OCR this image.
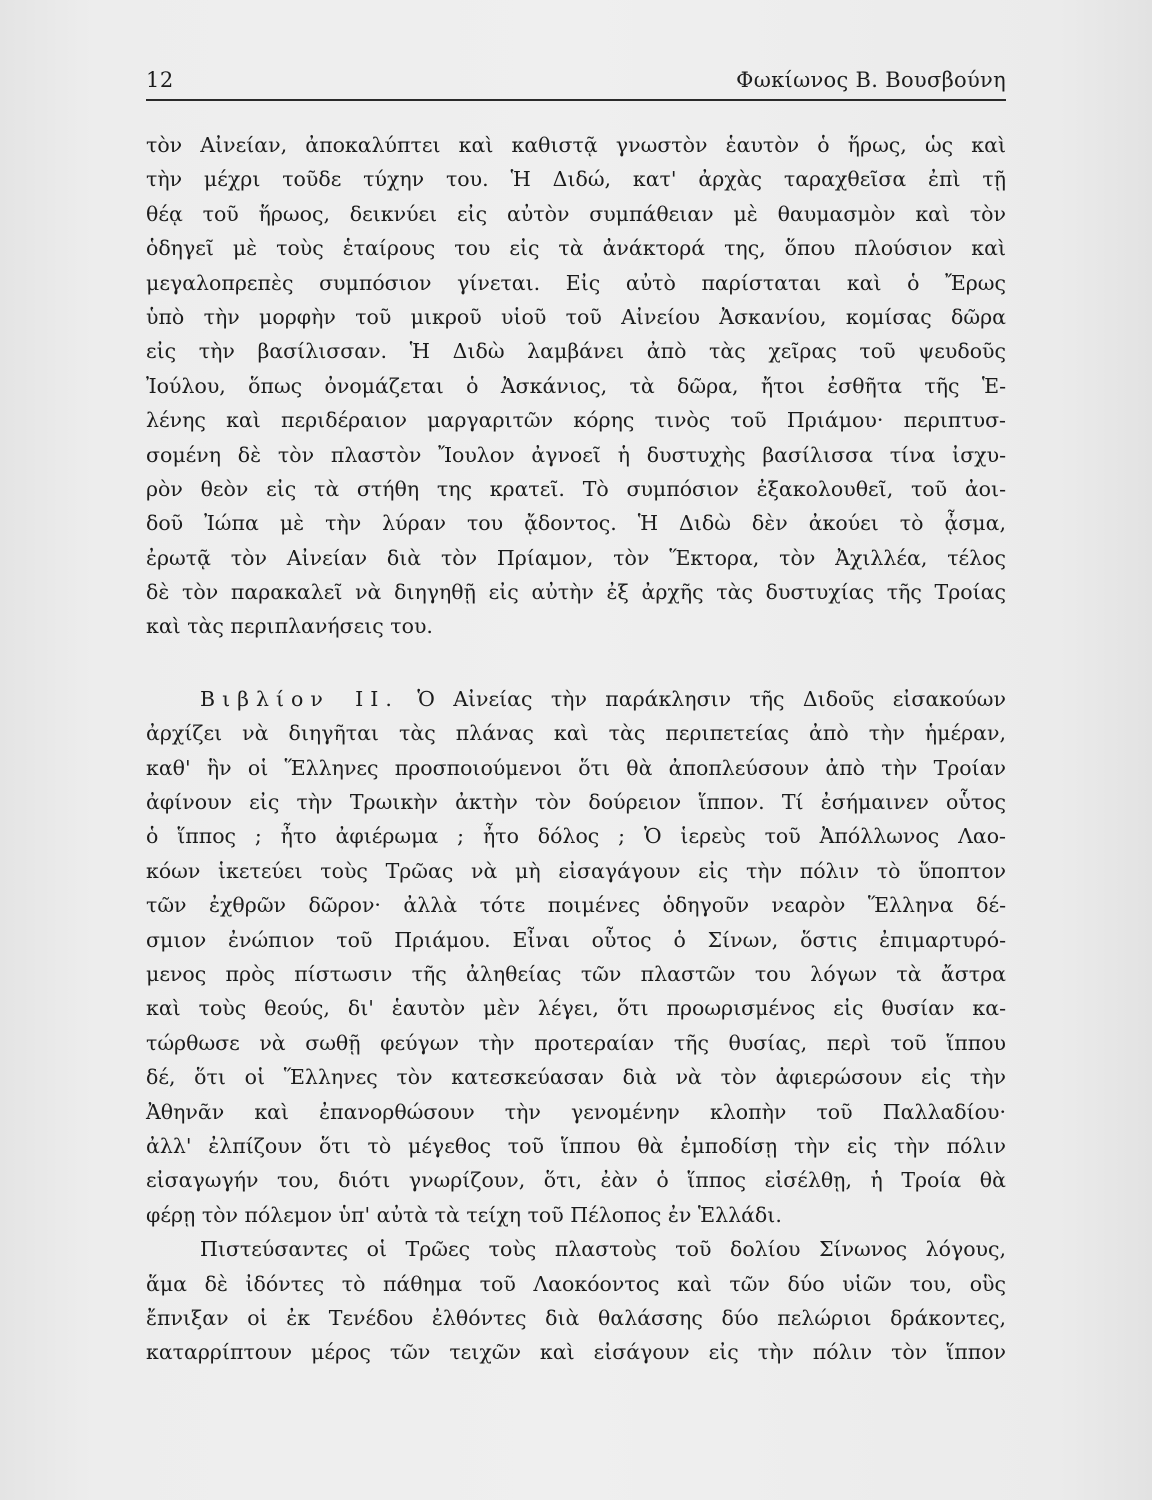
12	Φωκίωνος Β. Βουσβούνη
τὸν Αἰνείαν, ἀποκαλύπτει καὶ καθιστᾷ γνωστὸν ἑαυτὸν ὁ ἥρως, ὡς καὶ
τὴν μέχρι τοῦδε τύχην του. Ἡ Διδώ, κατ' ἀρχὰς ταραχθεῖσα ἐπὶ τῇ
θέᾳ τοῦ ἥρωος, δεικνύει εἰς αὐτὸν συμπάθειαν μὲ θαυμασμὸν καὶ τὸν
ὁδηγεῖ μὲ τοὺς ἑταίρους του εἰς τὰ ἀνάκτορά της, ὅπου πλούσιον καὶ
μεγαλοπρεπὲς συμπόσιον γίνεται. Εἰς αὐτὸ παρίσταται καὶ ὁ Ἔρως
ὑπὸ τὴν μορφὴν τοῦ μικροῦ υἱοῦ τοῦ Αἰνείου Ἀσκανίου, κομίσας δῶρα
εἰς τὴν βασίλισσαν. Ἡ Διδὼ λαμβάνει ἀπὸ τὰς χεῖρας τοῦ ψευδοῦς
Ἰούλου, ὅπως ὀνομάζεται ὁ Ἀσκάνιος, τὰ δῶρα, ἤτοι ἐσθῆτα τῆς Ἑ-
λένης καὶ περιδέραιον μαργαριτῶν κόρης τινὸς τοῦ Πριάμου· περιπτυσ-
σομένη δὲ τὸν πλαστὸν Ἴουλον ἀγνοεῖ ἡ δυστυχὴς βασίλισσα τίνα ἰσχυ-
ρὸν θεὸν εἰς τὰ στήθη της κρατεῖ. Τὸ συμπόσιον ἐξακολουθεῖ, τοῦ ἀοι-
δοῦ Ἰώπα μὲ τὴν λύραν του ᾄδοντος. Ἡ Διδὼ δὲν ἀκούει τὸ ᾆσμα,
ἐρωτᾷ τὸν Αἰνείαν διὰ τὸν Πρίαμον, τὸν Ἕκτορα, τὸν Ἀχιλλέα, τέλος
δὲ τὸν παρακαλεῖ νὰ διηγηθῇ εἰς αὐτὴν ἐξ ἀρχῆς τὰς δυστυχίας τῆς Τροίας
καὶ τὰς περιπλανήσεις του.
Βιβλίον ΙΙ. Ὁ Αἰνείας τὴν παράκλησιν τῆς Διδοῦς εἰσακούων
ἀρχίζει νὰ διηγῆται τὰς πλάνας καὶ τὰς περιπετείας ἀπὸ τὴν ἡμέραν,
καθ' ἣν οἱ Ἕλληνες προσποιούμενοι ὅτι θὰ ἀποπλεύσουν ἀπὸ τὴν Τροίαν
ἀφίνουν εἰς τὴν Τρωικὴν ἀκτὴν τὸν δούρειον ἵππον. Τί ἐσήμαινεν οὗτος
ὁ ἵππος ; ἦτο ἀφιέρωμα ; ἦτο δόλος ; Ὁ ἱερεὺς τοῦ Ἀπόλλωνος Λαο-
κόων ἱκετεύει τοὺς Τρῶας νὰ μὴ εἰσαγάγουν εἰς τὴν πόλιν τὸ ὕποπτον
τῶν ἐχθρῶν δῶρον· ἀλλὰ τότε ποιμένες ὁδηγοῦν νεαρὸν Ἕλληνα δέ-
σμιον ἐνώπιον τοῦ Πριάμου. Εἶναι οὗτος ὁ Σίνων, ὅστις ἐπιμαρτυρό-
μενος πρὸς πίστωσιν τῆς ἀληθείας τῶν πλαστῶν του λόγων τὰ ἄστρα
καὶ τοὺς θεούς, δι' ἑαυτὸν μὲν λέγει, ὅτι προωρισμένος εἰς θυσίαν κα-
τώρθωσε νὰ σωθῇ φεύγων τὴν προτεραίαν τῆς θυσίας, περὶ τοῦ ἵππου
δέ, ὅτι οἱ Ἕλληνες τὸν κατεσκεύασαν διὰ νὰ τὸν ἀφιερώσουν εἰς τὴν
Ἀθηνᾶν καὶ ἐπανορθώσουν τὴν γενομένην κλοπὴν τοῦ Παλλαδίου·
ἀλλ' ἐλπίζουν ὅτι τὸ μέγεθος τοῦ ἵππου θὰ ἐμποδίσῃ τὴν εἰς τὴν πόλιν
εἰσαγωγήν του, διότι γνωρίζουν, ὅτι, ἐὰν ὁ ἵππος εἰσέλθῃ, ἡ Τροία θὰ
φέρῃ τὸν πόλεμον ὑπ' αὐτὰ τὰ τείχη τοῦ Πέλοπος ἐν Ἑλλάδι.
Πιστεύσαντες οἱ Τρῶες τοὺς πλαστοὺς τοῦ δολίου Σίνωνος λόγους,
ἅμα δὲ ἰδόντες τὸ πάθημα τοῦ Λαοκόοντος καὶ τῶν δύο υἱῶν του, οὓς
ἔπνιξαν οἱ ἐκ Τενέδου ἐλθόντες διὰ θαλάσσης δύο πελώριοι δράκοντες,
καταρρίπτουν μέρος τῶν τειχῶν καὶ εἰσάγουν εἰς τὴν πόλιν τὸν ἵππον
